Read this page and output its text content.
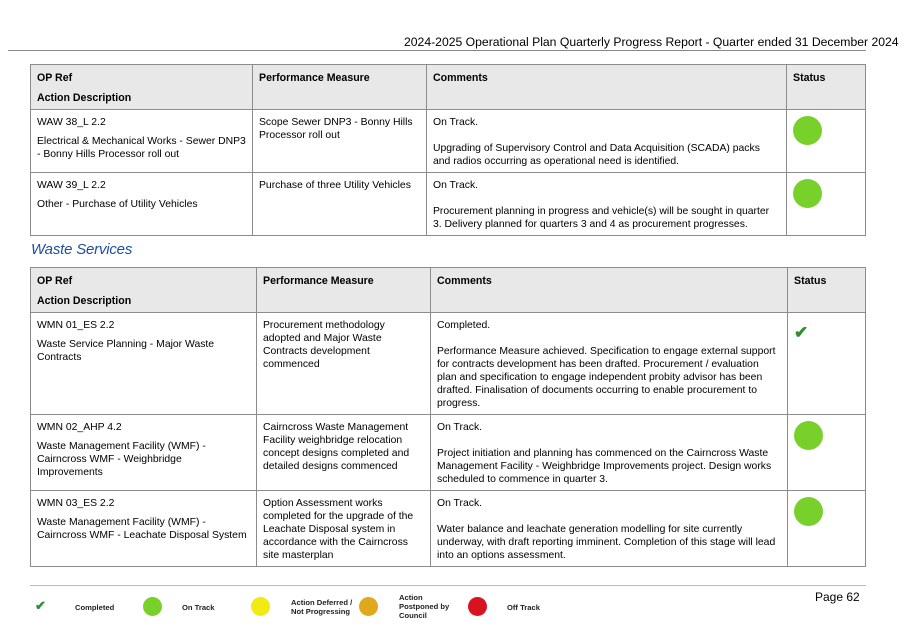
2024-2025 Operational Plan Quarterly Progress Report - Quarter ended 31 December 2024
OP Ref
Action Description	Performance Measure	Comments	Status

WAW 38_L 2.2
Electrical & Mechanical Works - Sewer DNP3 - Bonny Hills Processor roll out	Scope Sewer DNP3 - Bonny Hills Processor roll out	On Track.
Upgrading of Supervisory Control and Data Acquisition (SCADA) packs and radios occurring as operational need is identified.	

WAW 39_L 2.2
Other - Purchase of Utility Vehicles	Purchase of three Utility Vehicles	On Track.
Procurement planning in progress and vehicle(s) will be sought in quarter 3. Delivery planned for quarters 3 and 4 as procurement progresses.	

Waste Services
OP Ref
Action Description	Performance Measure	Comments	Status

WMN 01_ES 2.2
Waste Service Planning - Major Waste Contracts	Procurement methodology adopted and Major Waste Contracts development commenced	Completed.
Performance Measure achieved. Specification to engage external support for contracts development has been drafted. Procurement / evaluation plan and specification to engage independent probity advisor has been drafted. Finalisation of documents occurring to enable procurement to progress.	✔

WMN 02_AHP 4.2
Waste Management Facility (WMF) - Cairncross WMF - Weighbridge Improvements	Cairncross Waste Management Facility weighbridge relocation concept designs completed and detailed designs commenced	On Track.
Project initiation and planning has commenced on the Cairncross Waste Management Facility - Weighbridge Improvements project. Design works scheduled to commence in quarter 3.	

WMN 03_ES 2.2
Waste Management Facility (WMF) - Cairncross WMF - Leachate Disposal System	Option Assessment works completed for the upgrade of the Leachate Disposal system in accordance with the Cairncross site masterplan	On Track.
Water balance and leachate generation modelling for site currently underway, with draft reporting imminent. Completion of this stage will lead into an options assessment.	

Page 62
✔	Completed	On Track
Action Deferred / Not Progressing
Action Postponed by Council
Off Track
